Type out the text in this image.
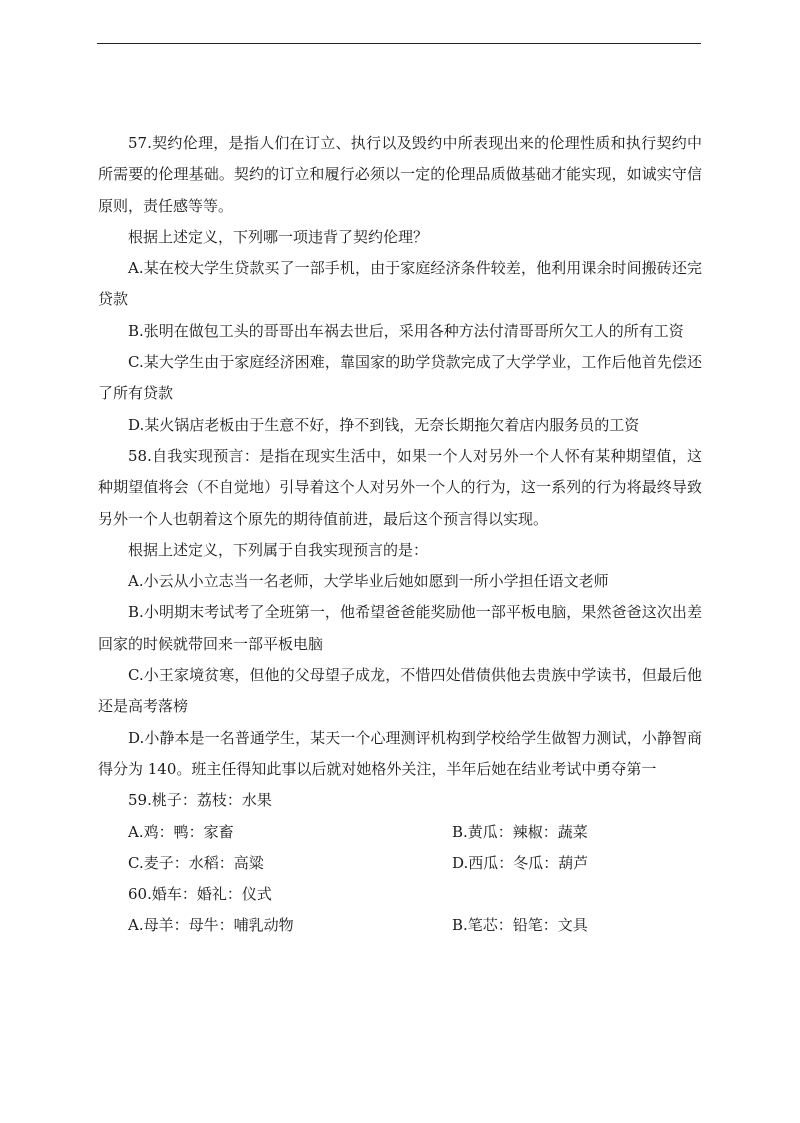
57.契约伦理，是指人们在订立、执行以及毁约中所表现出来的伦理性质和执行契约中所需要的伦理基础。契约的订立和履行必须以一定的伦理品质做基础才能实现，如诚实守信原则，责任感等等。

根据上述定义，下列哪一项违背了契约伦理？

A.某在校大学生贷款买了一部手机，由于家庭经济条件较差，他利用课余时间搬砖还完贷款

B.张明在做包工头的哥哥出车祸去世后，采用各种方法付清哥哥所欠工人的所有工资

C.某大学生由于家庭经济困难，靠国家的助学贷款完成了大学学业，工作后他首先偿还了所有贷款

D.某火锅店老板由于生意不好，挣不到钱，无奈长期拖欠着店内服务员的工资

58.自我实现预言：是指在现实生活中，如果一个人对另外一个人怀有某种期望值，这种期望值将会（不自觉地）引导着这个人对另外一个人的行为，这一系列的行为将最终导致另外一个人也朝着这个原先的期待值前进，最后这个预言得以实现。

根据上述定义，下列属于自我实现预言的是：

A.小云从小立志当一名老师，大学毕业后她如愿到一所小学担任语文老师

B.小明期末考试考了全班第一，他希望爸爸能奖励他一部平板电脑，果然爸爸这次出差回家的时候就带回来一部平板电脑

C.小王家境贫寒，但他的父母望子成龙，不惜四处借债供他去贵族中学读书，但最后他还是高考落榜

D.小静本是一名普通学生，某天一个心理测评机构到学校给学生做智力测试，小静智商得分为 140。班主任得知此事以后就对她格外关注，半年后她在结业考试中勇夺第一

59.桃子：荔枝：水果

A.鸡：鸭：家畜	B.黄瓜：辣椒：蔬菜
C.麦子：水稻：高粱	D.西瓜：冬瓜：葫芦

60.婚车：婚礼：仪式

A.母羊：母牛：哺乳动物	B.笔芯：铅笔：文具
